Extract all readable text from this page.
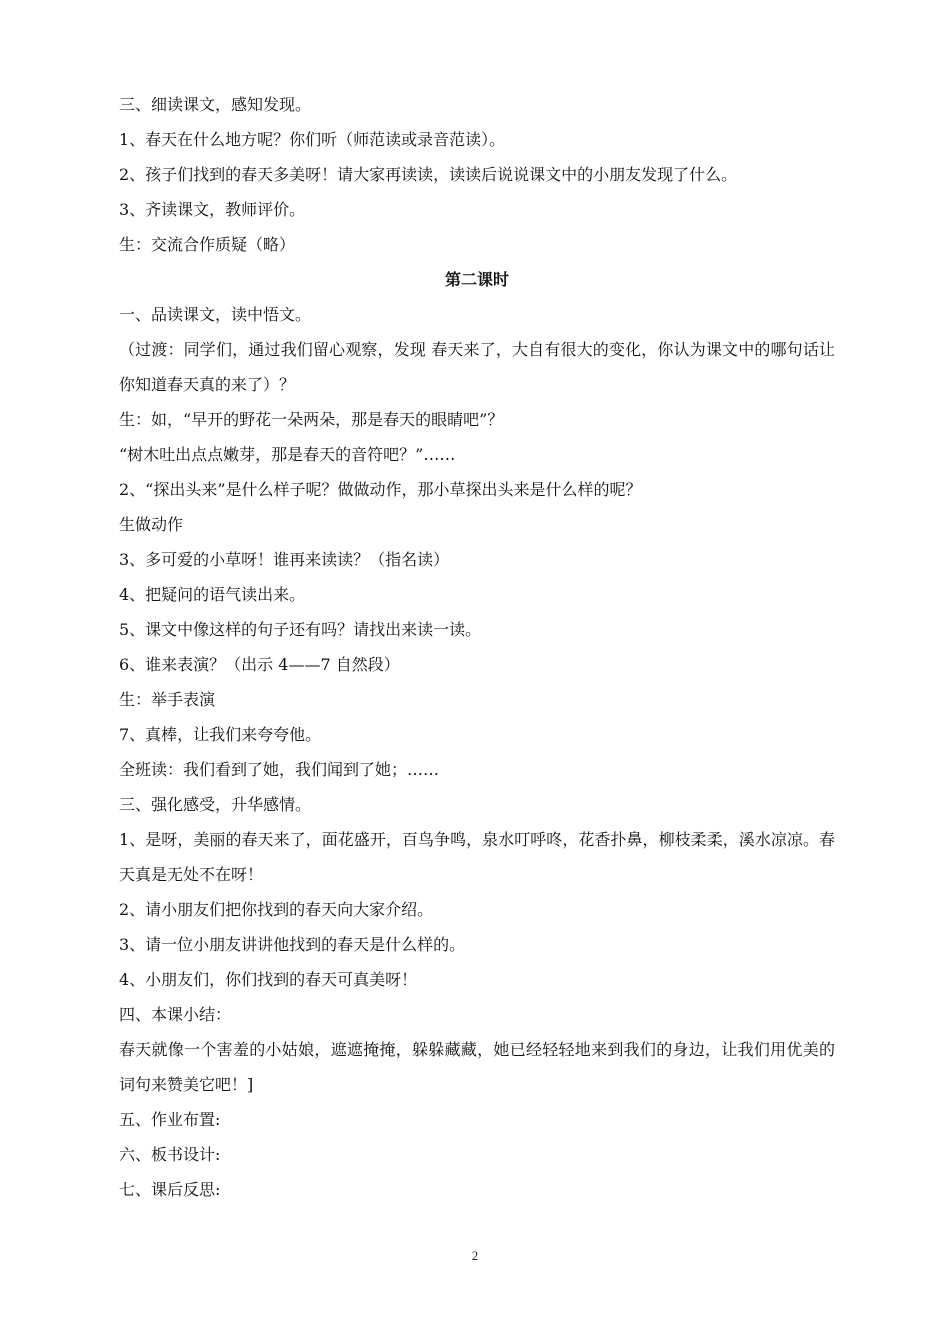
三、细读课文，感知发现。
1、春天在什么地方呢？你们听（师范读或录音范读）。
2、孩子们找到的春天多美呀！请大家再读读，读读后说说课文中的小朋友发现了什么。
3、齐读课文，教师评价。
生：交流合作质疑（略）
第二课时
一、品读课文，读中悟文。
（过渡：同学们，通过我们留心观察，发现 春天来了，大自有很大的变化，你认为课文中的哪句话让你知道春天真的来了）？
生：如，“早开的野花一朵两朵，那是春天的眼睛吧”？
“树木吐出点点嫩芽，那是春天的音符吧？”……
2、“探出头来”是什么样子呢？做做动作，那小草探出头来是什么样的呢？
生做动作
3、多可爱的小草呀！谁再来读读？（指名读）
4、把疑问的语气读出来。
5、课文中像这样的句子还有吗？请找出来读一读。
6、谁来表演？（出示 4——7 自然段）
生：举手表演
7、真棒，让我们来夸夸他。
全班读：我们看到了她，我们闻到了她；……
三、强化感受，升华感情。
1、是呀，美丽的春天来了，面花盛开，百鸟争鸣，泉水叮呼咚，花香扑鼻，柳枝柔柔，溪水凉凉。春天真是无处不在呀！
2、请小朋友们把你找到的春天向大家介绍。
3、请一位小朋友讲讲他找到的春天是什么样的。
4、小朋友们，你们找到的春天可真美呀！
四、本课小结：
春天就像一个害羞的小姑娘，遮遮掩掩，躲躲藏藏，她已经轻轻地来到我们的身边，让我们用优美的词句来赞美它吧！]
五、作业布置:
六、板书设计:
七、课后反思:
2
